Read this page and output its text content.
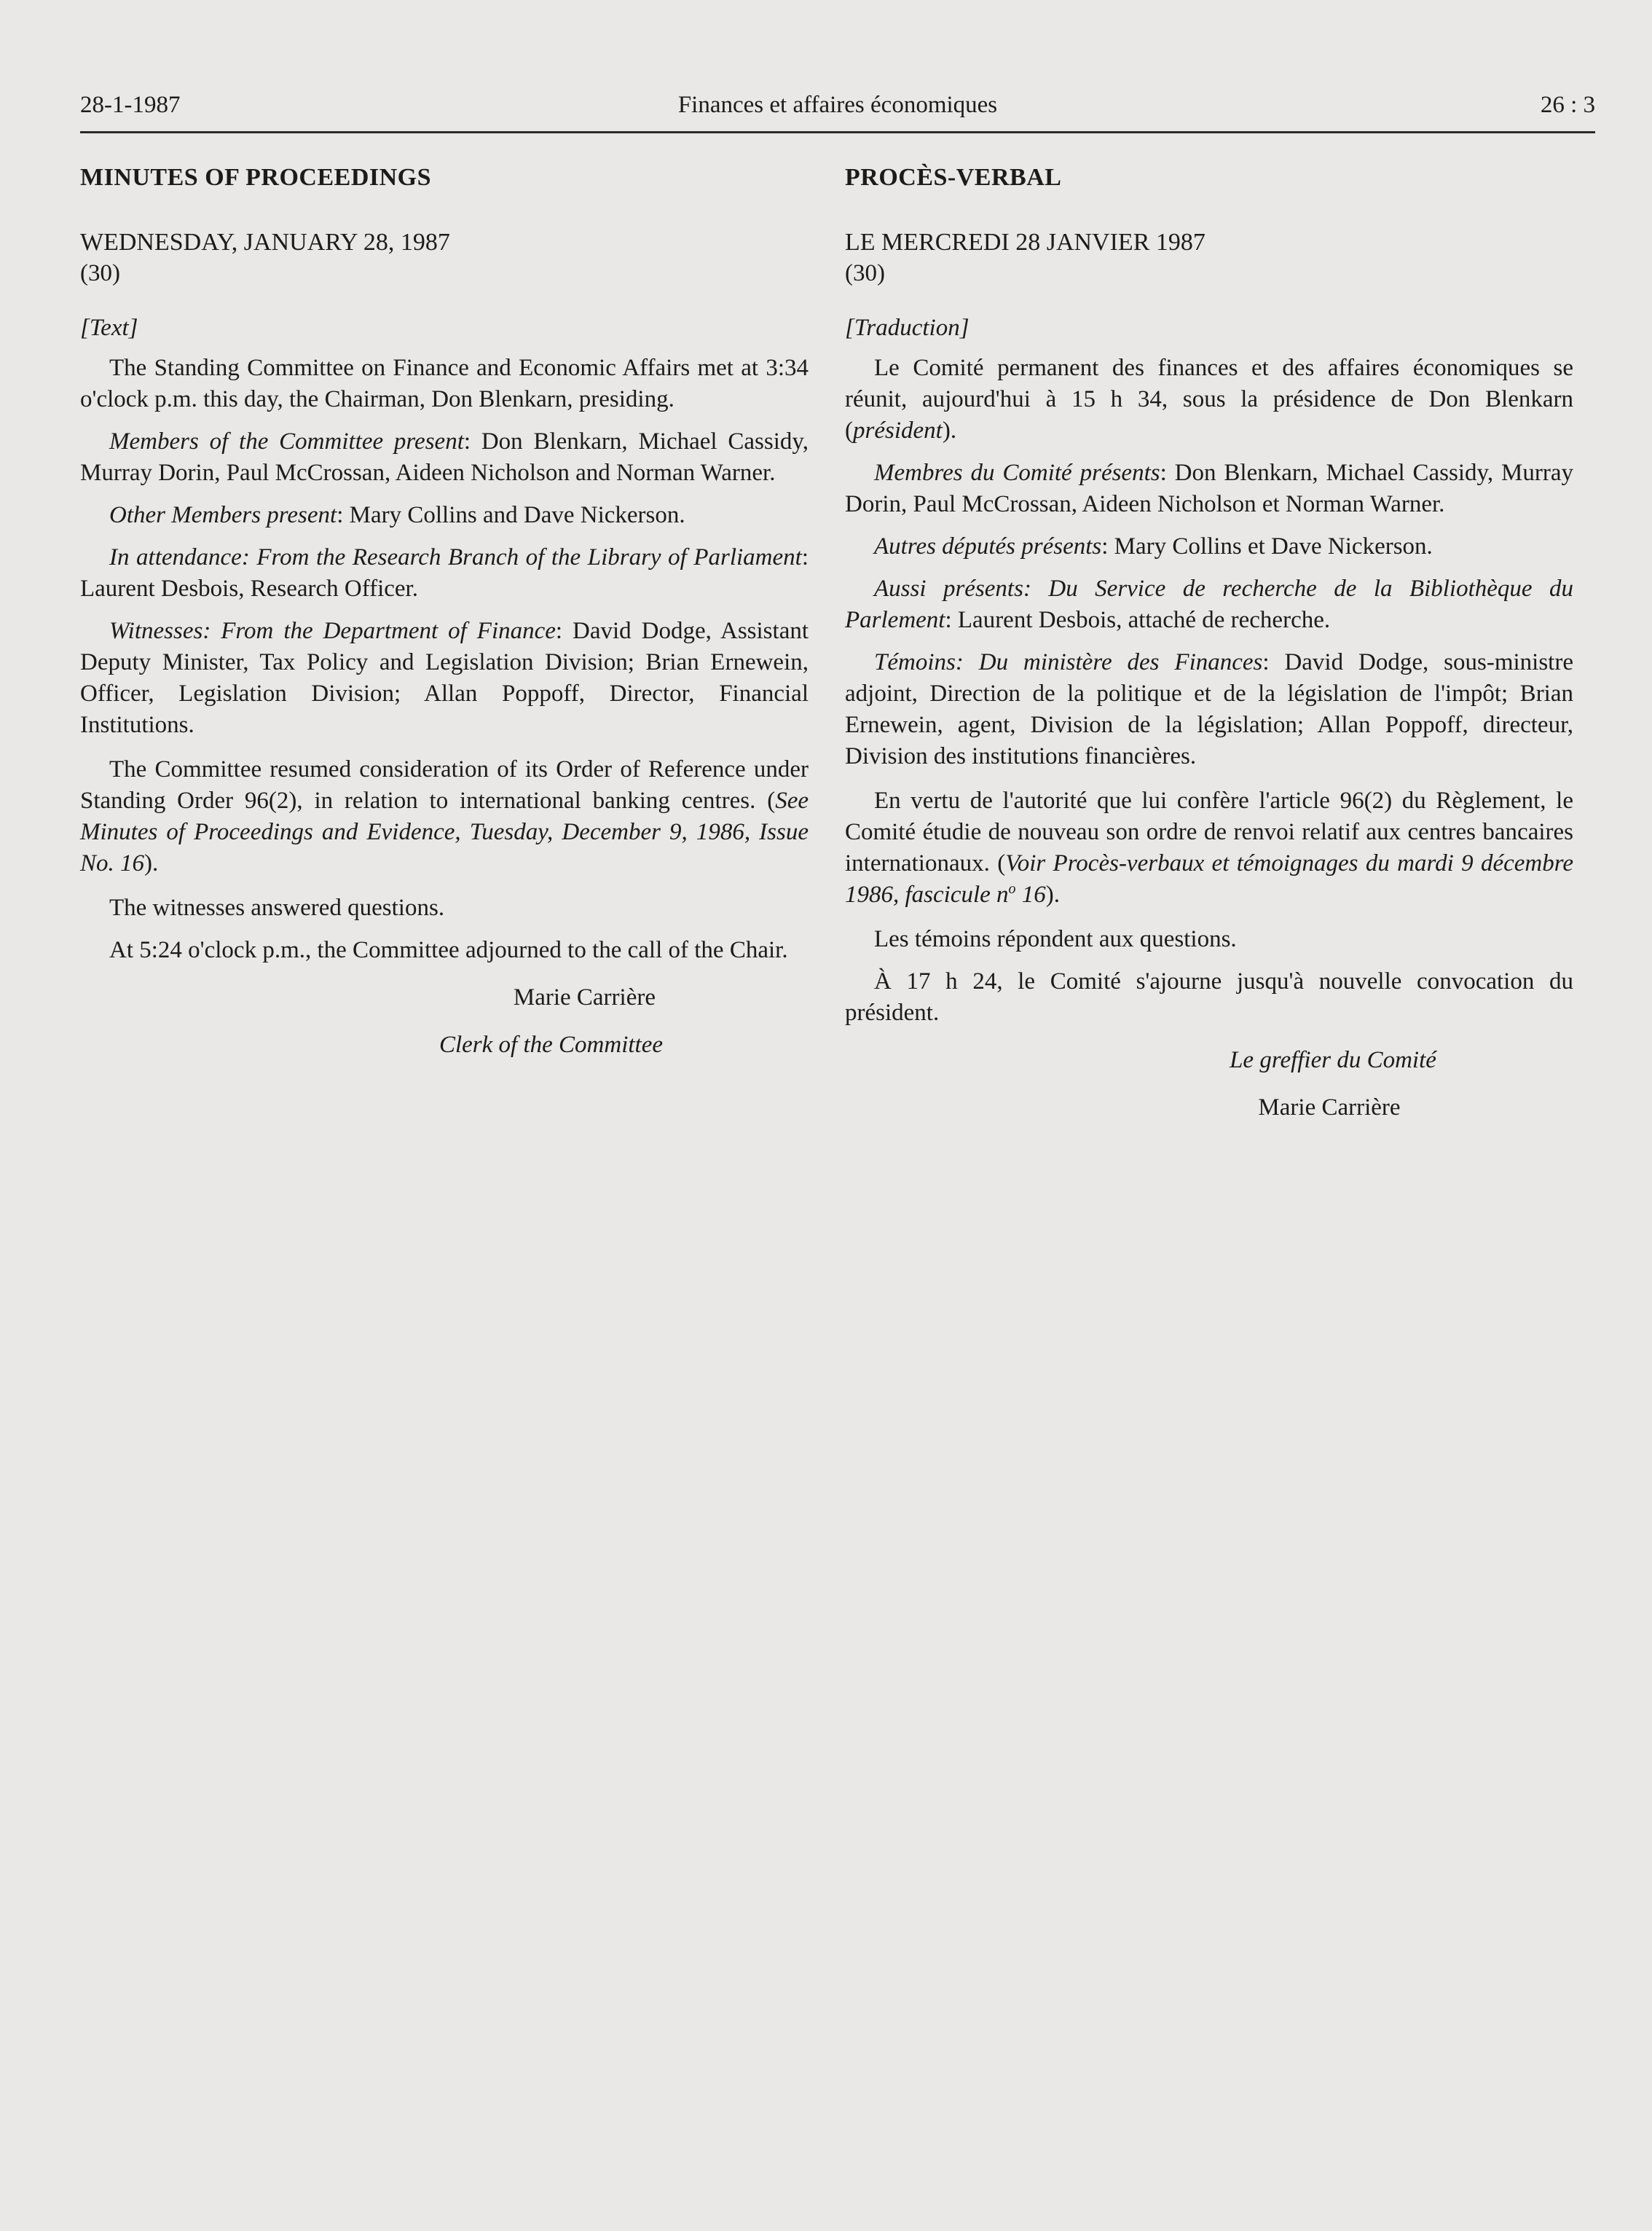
28-1-1987	Finances et affaires économiques	26 : 3
MINUTES OF PROCEEDINGS
WEDNESDAY, JANUARY 28, 1987
(30)
[Text]

The Standing Committee on Finance and Economic Affairs met at 3:34 o'clock p.m. this day, the Chairman, Don Blenkarn, presiding.

Members of the Committee present: Don Blenkarn, Michael Cassidy, Murray Dorin, Paul McCrossan, Aideen Nicholson and Norman Warner.

Other Members present: Mary Collins and Dave Nickerson.

In attendance: From the Research Branch of the Library of Parliament: Laurent Desbois, Research Officer.

Witnesses: From the Department of Finance: David Dodge, Assistant Deputy Minister, Tax Policy and Legislation Division; Brian Ernewein, Officer, Legislation Division; Allan Poppoff, Director, Financial Institutions.

The Committee resumed consideration of its Order of Reference under Standing Order 96(2), in relation to international banking centres. (See Minutes of Proceedings and Evidence, Tuesday, December 9, 1986, Issue No. 16).

The witnesses answered questions.

At 5:24 o'clock p.m., the Committee adjourned to the call of the Chair.

Marie Carrière
Clerk of the Committee
PROCÈS-VERBAL
LE MERCREDI 28 JANVIER 1987
(30)
[Traduction]

Le Comité permanent des finances et des affaires économiques se réunit, aujourd'hui à 15 h 34, sous la présidence de Don Blenkarn (président).

Membres du Comité présents: Don Blenkarn, Michael Cassidy, Murray Dorin, Paul McCrossan, Aideen Nicholson et Norman Warner.

Autres députés présents: Mary Collins et Dave Nickerson.

Aussi présents: Du Service de recherche de la Bibliothèque du Parlement: Laurent Desbois, attaché de recherche.

Témoins: Du ministère des Finances: David Dodge, sous-ministre adjoint, Direction de la politique et de la législation de l'impôt; Brian Ernewein, agent, Division de la législation; Allan Poppoff, directeur, Division des institutions financières.

En vertu de l'autorité que lui confère l'article 96(2) du Règlement, le Comité étudie de nouveau son ordre de renvoi relatif aux centres bancaires internationaux. (Voir Procès-verbaux et témoignages du mardi 9 décembre 1986, fascicule $n^o$ 16).

Les témoins répondent aux questions.

À 17 h 24, le Comité s'ajourne jusqu'à nouvelle convocation du président.

Le greffier du Comité
Marie Carrière
